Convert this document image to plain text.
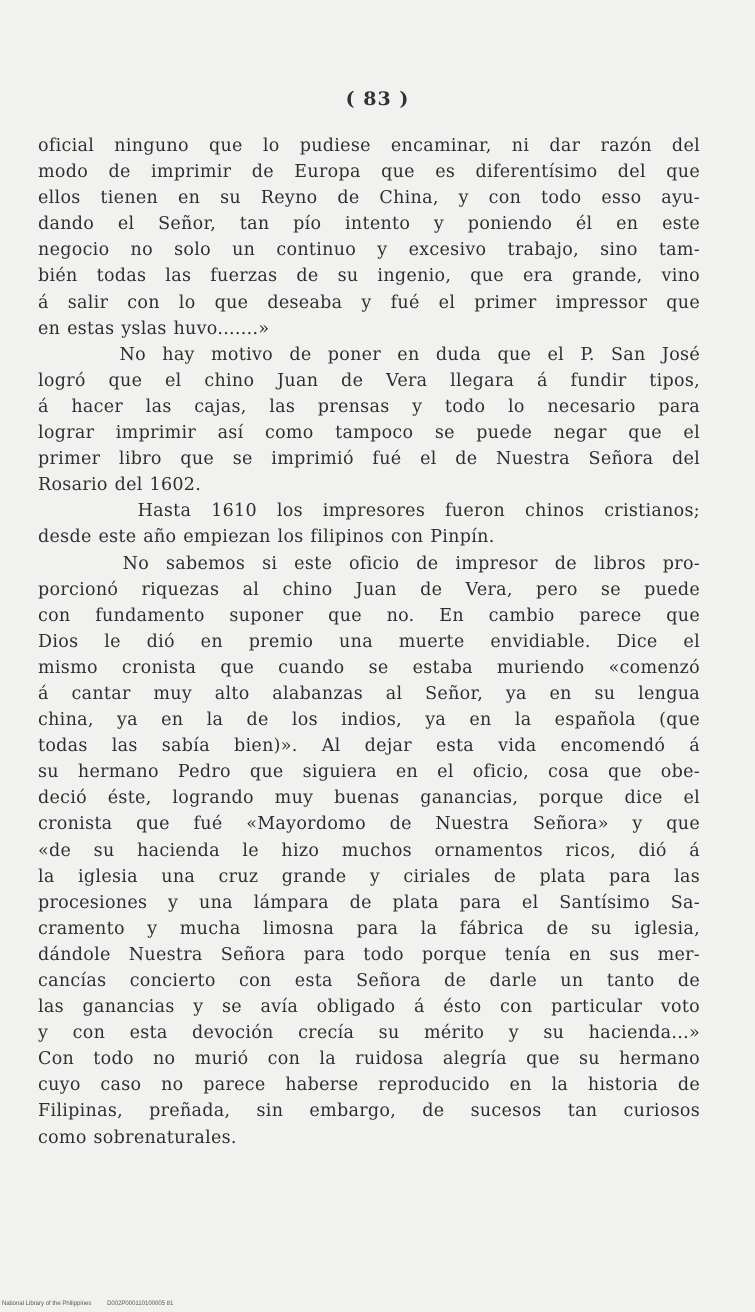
( 83 )
oficial ninguno que lo pudiese encaminar, ni dar razón del
modo de imprimir de Europa que es diferentísimo del que
ellos tienen en su Reyno de China, y con todo esso ayu-
dando el Señor, tan pío intento y poniendo él en este
negocio no solo un continuo y excesivo trabajo, sino tam-
bién todas las fuerzas de su ingenio, que era grande, vino
á salir con lo que deseaba y fué el primer impressor que
en estas yslas huvo.......»
No hay motivo de poner en duda que el P. San José
logró que el chino Juan de Vera llegara á fundir tipos,
á hacer las cajas, las prensas y todo lo necesario para
lograr imprimir así como tampoco se puede negar que el
primer libro que se imprimió fué el de Nuestra Señora del
Rosario del 1602.
Hasta 1610 los impresores fueron chinos cristianos;
desde este año empiezan los filipinos con Pinpín.
No sabemos si este oficio de impresor de libros pro-
porcionó riquezas al chino Juan de Vera, pero se puede
con fundamento suponer que no. En cambio parece que
Dios le dió en premio una muerte envidiable. Dice el
mismo cronista que cuando se estaba muriendo «comenzó
á cantar muy alto alabanzas al Señor, ya en su lengua
china, ya en la de los indios, ya en la española (que
todas las sabía bien)». Al dejar esta vida encomendó á
su hermano Pedro que siguiera en el oficio, cosa que obe-
deció éste, logrando muy buenas ganancias, porque dice el
cronista que fué «Mayordomo de Nuestra Señora» y que
«de su hacienda le hizo muchos ornamentos ricos, dió á
la iglesia una cruz grande y ciriales de plata para las
procesiones y una lámpara de plata para el Santísimo Sa-
cramento y mucha limosna para la fábrica de su iglesia,
dándole Nuestra Señora para todo porque tenía en sus mer-
cancías concierto con esta Señora de darle un tanto de
las ganancias y se avía obligado á ésto con particular voto
y con esta devoción crecía su mérito y su hacienda...»
Con todo no murió con la ruidosa alegría que su hermano
cuyo caso no parece haberse reproducido en la historia de
Filipinas, preñada, sin embargo, de sucesos tan curiosos
como sobrenaturales.
National Library of the Philippines	D002P000110100005 81
